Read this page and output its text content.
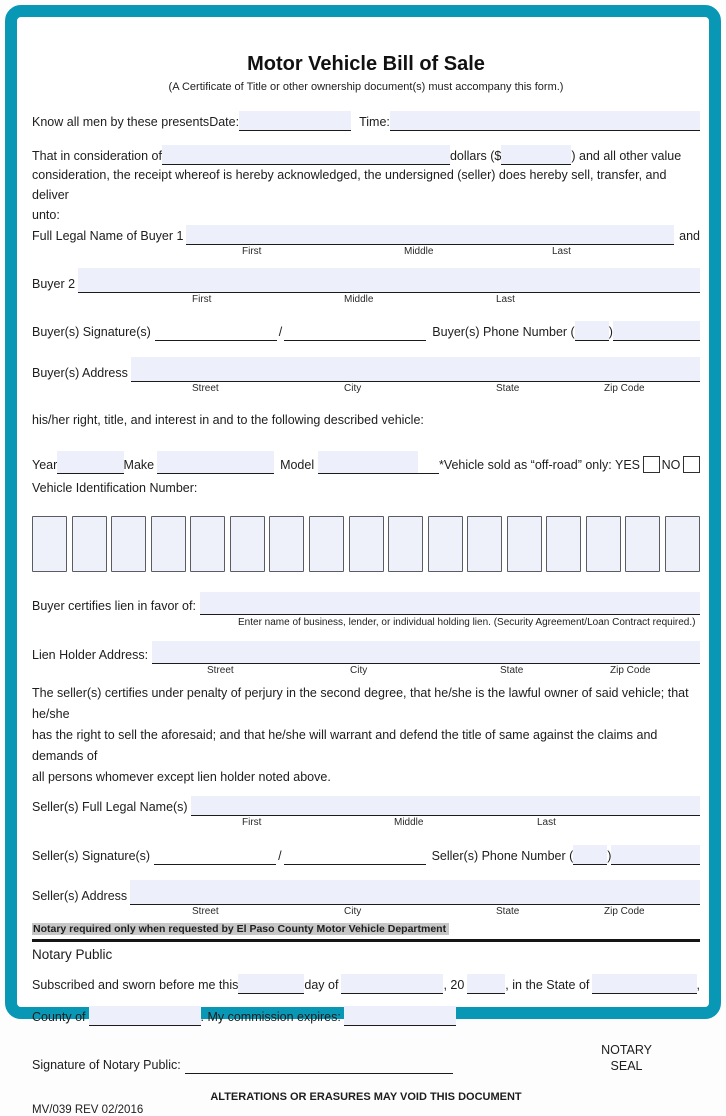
Motor Vehicle Bill of Sale
(A Certificate of Title or other ownership document(s) must accompany this form.)
Know all men by these presents Date:	Time:
That in consideration of	dollars ($	) and all other value
consideration, the receipt whereof is hereby acknowledged, the undersigned (seller) does hereby sell, transfer, and deliver
unto:
Full Legal Name of Buyer 1	and
First	Middle	Last
Buyer 2
First	Middle	Last
Buyer(s) Signature(s)	/	Buyer(s) Phone Number (	)
Buyer(s) Address
Street	City	State	Zip Code
his/her right, title, and interest in and to the following described vehicle:
Year	Make	Model	*Vehicle sold as “off-road” only: YES NO
Vehicle Identification Number:
Buyer certifies lien in favor of:
Enter name of business, lender, or individual holding lien. (Security Agreement/Loan Contract required.)
Lien Holder Address:
Street	City	State	Zip Code
The seller(s) certifies under penalty of perjury in the second degree, that he/she is the lawful owner of said vehicle; that he/she
has the right to sell the aforesaid; and that he/she will warrant and defend the title of same against the claims and demands of
all persons whomever except lien holder noted above.
Seller(s) Full Legal Name(s)
First	Middle	Last
Seller(s) Signature(s)	/	Seller(s) Phone Number (	)
Seller(s) Address
Street	City	State	Zip Code
Notary required only when requested by El Paso County Motor Vehicle Department
Notary Public
Subscribed and sworn before me this	day of	, 20	, in the State of	,
County of	. My commission expires:
Signature of Notary Public:
NOTARY
SEAL
ALTERATIONS OR ERASURES MAY VOID THIS DOCUMENT
MV/039 REV 02/2016
